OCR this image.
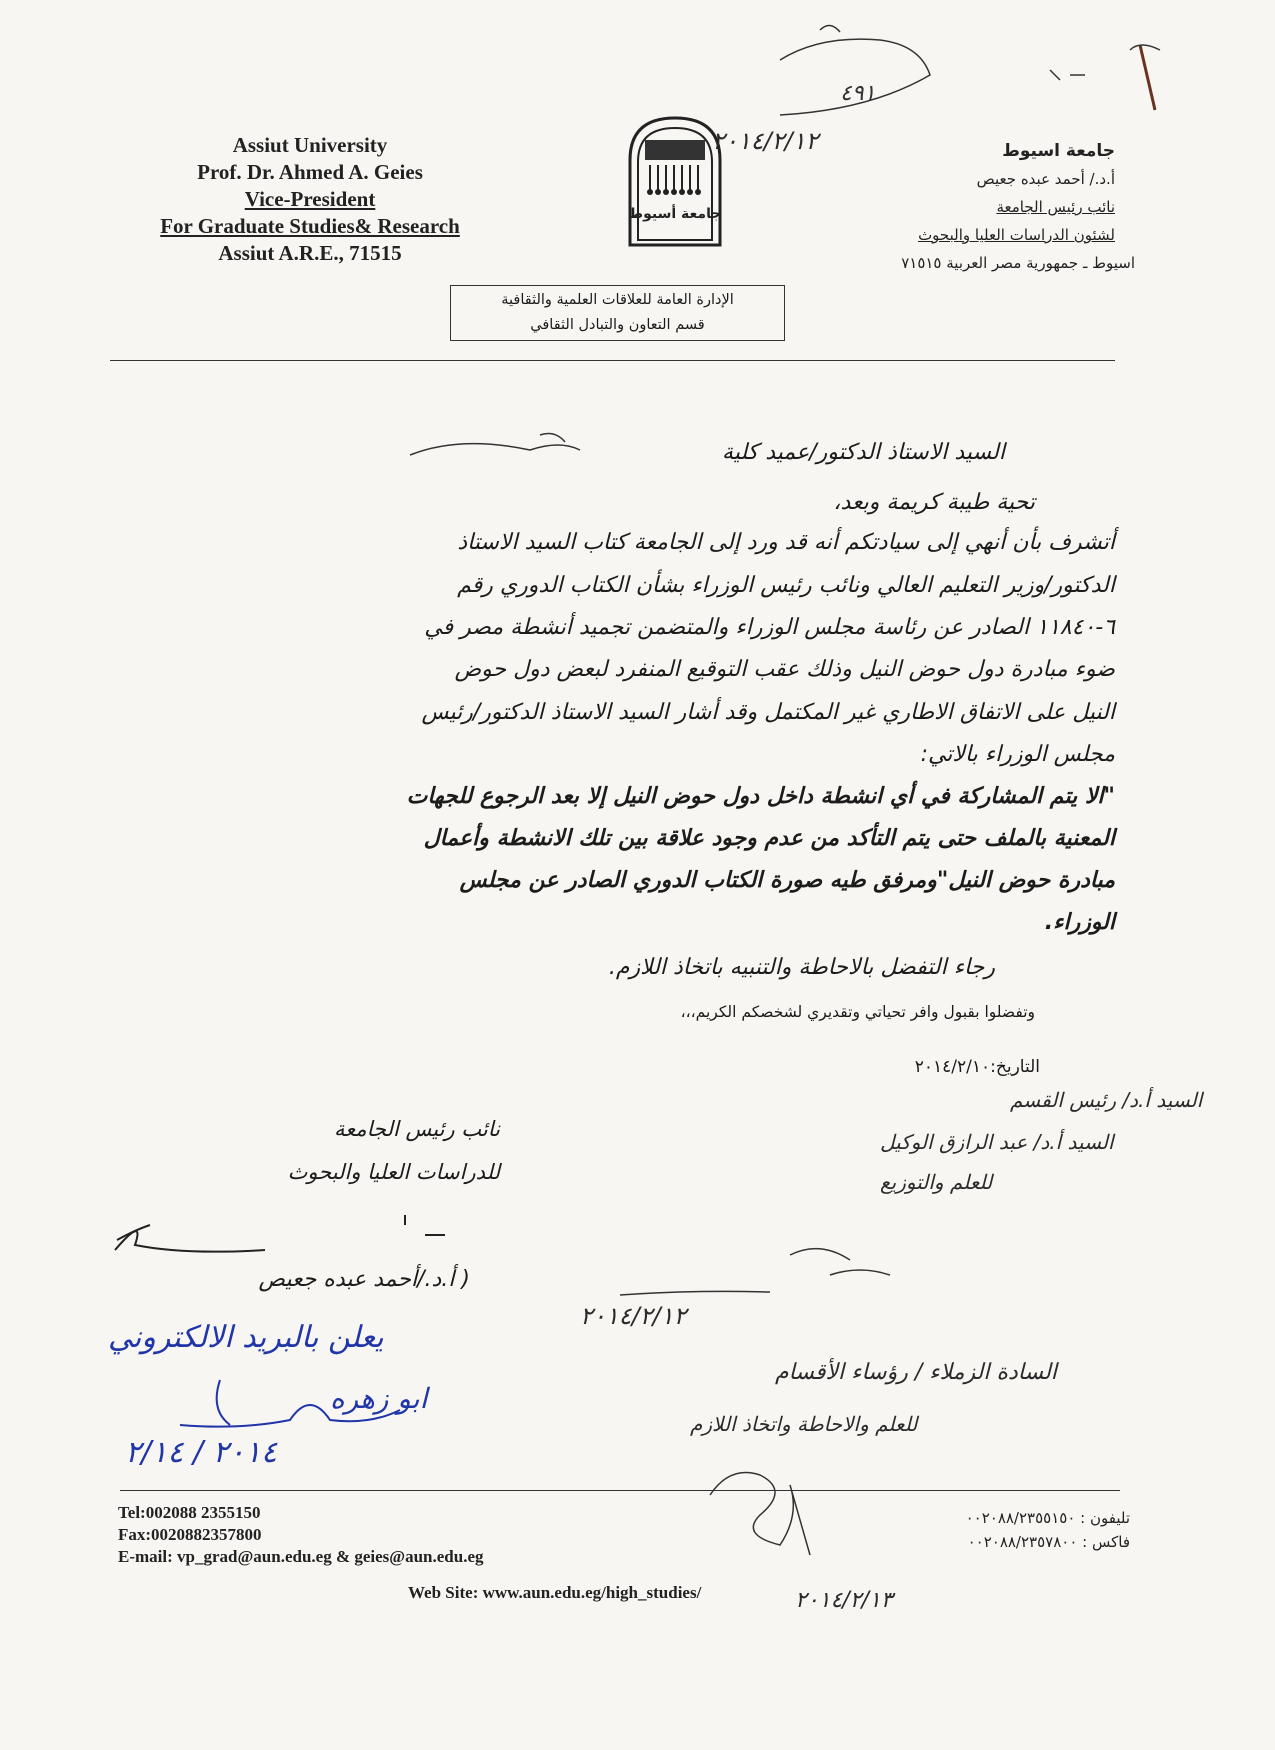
Assiut University
Prof. Dr. Ahmed A. Geies
Vice-President
For Graduate Studies& Research
Assiut A.R.E., 71515
جامعة أسيوط
جامعة اسيوط
أ.د./ أحمد عبده جعيص
نائب رئيس الجامعة
لشئون الدراسات العليا والبحوث
اسيوط ـ جمهورية مصر العربية ٧١٥١٥
الإدارة العامة للعلاقات العلمية والثقافية
قسم التعاون والتبادل الثقافي
السيد الاستاذ الدكتور/عميد كلية
تحية طيبة كريمة وبعد،
أتشرف بأن أنهي إلى سيادتكم أنه قد ورد إلى الجامعة كتاب السيد الاستاذ
الدكتور/وزير التعليم العالي ونائب رئيس الوزراء بشأن الكتاب الدوري رقم
٦-١١٨٤٠ الصادر عن رئاسة مجلس الوزراء والمتضمن تجميد أنشطة مصر في
ضوء مبادرة دول حوض النيل وذلك عقب التوقيع المنفرد لبعض دول حوض
النيل على الاتفاق الاطاري غير المكتمل وقد أشار السيد الاستاذ الدكتور/رئيس
مجلس الوزراء بالاتي:
"الا يتم المشاركة في أي انشطة داخل دول حوض النيل إلا بعد الرجوع للجهات
المعنية بالملف حتى يتم التأكد من عدم وجود علاقة بين تلك الانشطة وأعمال
مبادرة حوض النيل"ومرفق طيه صورة الكتاب الدوري الصادر عن مجلس
الوزراء.
رجاء التفضل بالاحاطة والتنبيه باتخاذ اللازم.
وتفضلوا بقبول وافر تحياتي وتقديري لشخصكم الكريم،،،
التاريخ:٢٠١٤/٢/١٠
نائب رئيس الجامعة
للدراسات العليا والبحوث
( أ.د./أحمد عبده جعيص
٤٩١
٢٠١٤/٢/١٢
السيد أ.د/ رئيس القسم
السيد أ.د/ عبد الرازق الوكيل
للعلم والتوزيع
٢٠١٤/٢/١٢
السادة الزملاء / رؤساء الأقسام
للعلم والاحاطة واتخاذ اللازم
٢٠١٤/٢/١٣
يعلن بالبريد الالكتروني
ابو زهره
٢٠١٤ / ٢/١٤
Tel:002088 2355150
Fax:0020882357800
E-mail: vp_grad@aun.edu.eg & geies@aun.edu.eg
Web Site: www.aun.edu.eg/high_studies/
تليفون : ٠٠٢٠٨٨/٢٣٥٥١٥٠
فاكس : ٠٠٢٠٨٨/٢٣٥٧٨٠٠
